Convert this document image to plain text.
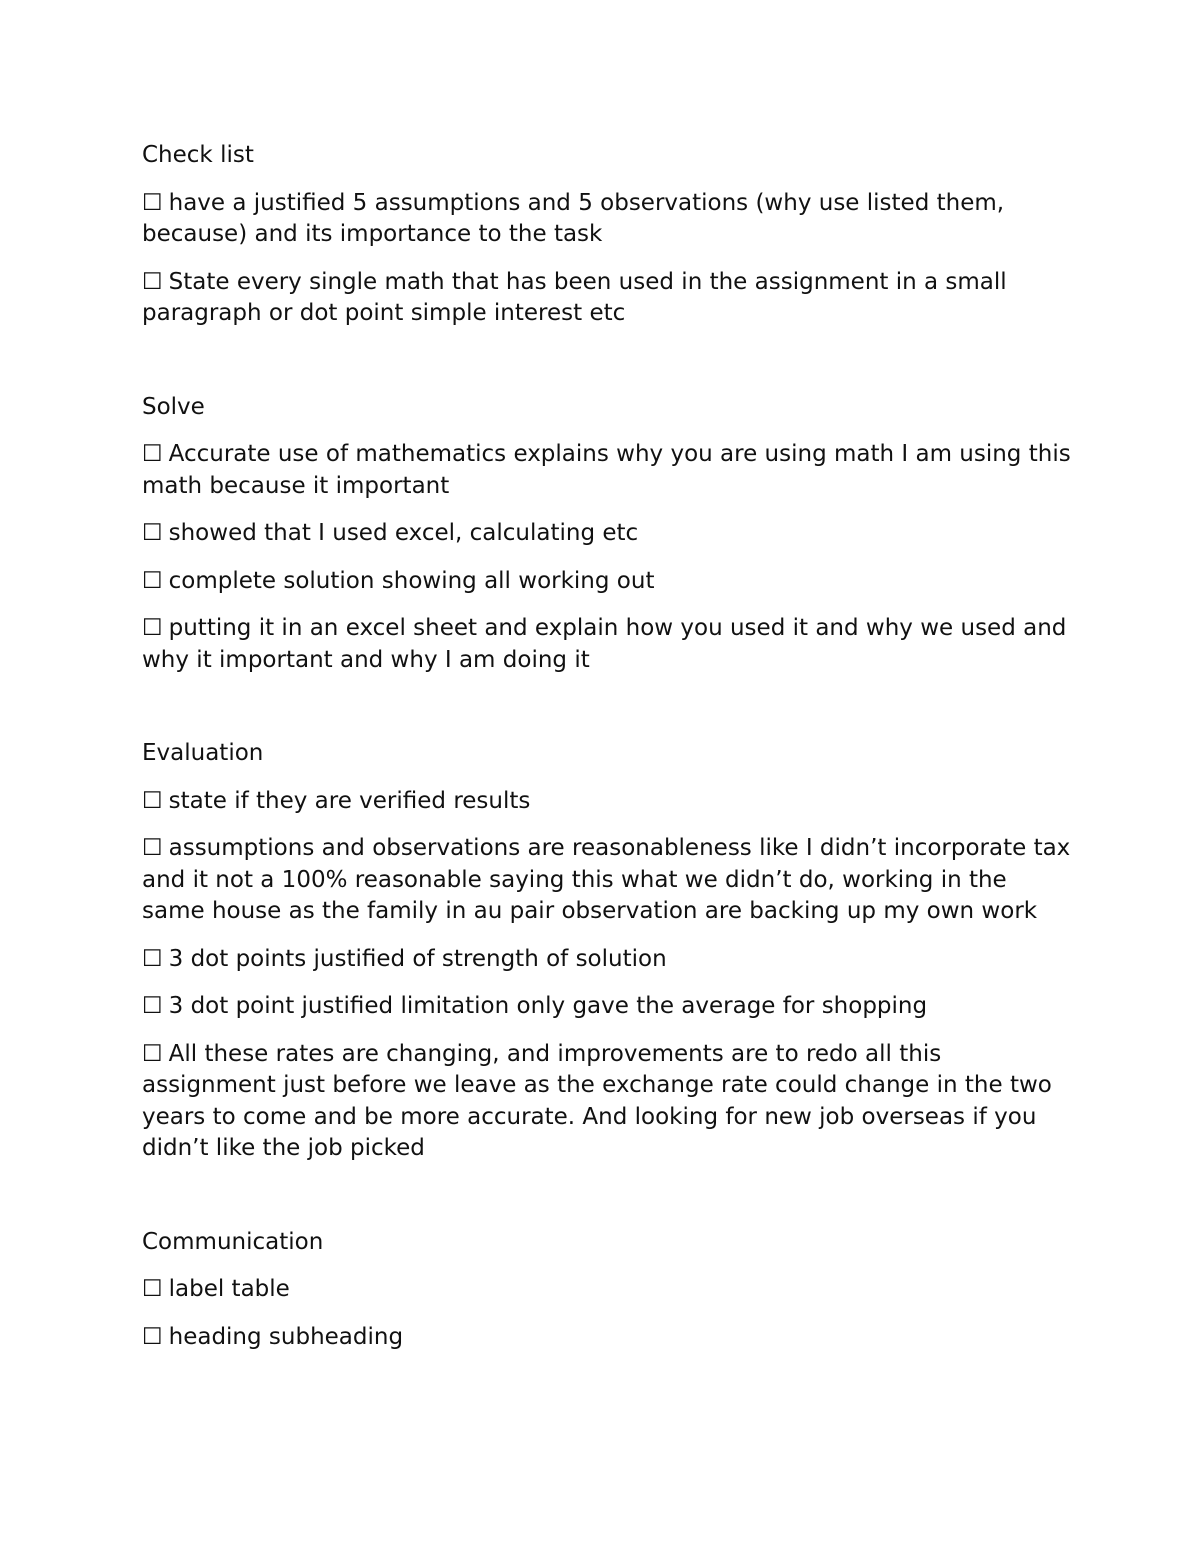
Check list
☐ have a justified 5 assumptions and 5 observations (why use listed them, because) and its importance to the task
☐ State every single math that has been used in the assignment in a small paragraph or dot point simple interest etc
Solve
☐ Accurate use of mathematics explains why you are using math I am using this math because it important
☐ showed that I used excel, calculating etc
☐ complete solution showing all working out
☐ putting it in an excel sheet and explain how you used it and why we used and why it important and why I am doing it
Evaluation
☐ state if they are verified results
☐ assumptions and observations are reasonableness like I didn’t incorporate tax and it not a 100% reasonable saying this what we didn’t do, working in the same house as the family in au pair observation are backing up my own work
☐ 3 dot points justified of strength of solution
☐ 3 dot point justified limitation only gave the average for shopping
☐ All these rates are changing, and improvements are to redo all this assignment just before we leave as the exchange rate could change in the two years to come and be more accurate. And looking for new job overseas if you didn’t like the job picked
Communication
☐ label table
☐ heading subheading
